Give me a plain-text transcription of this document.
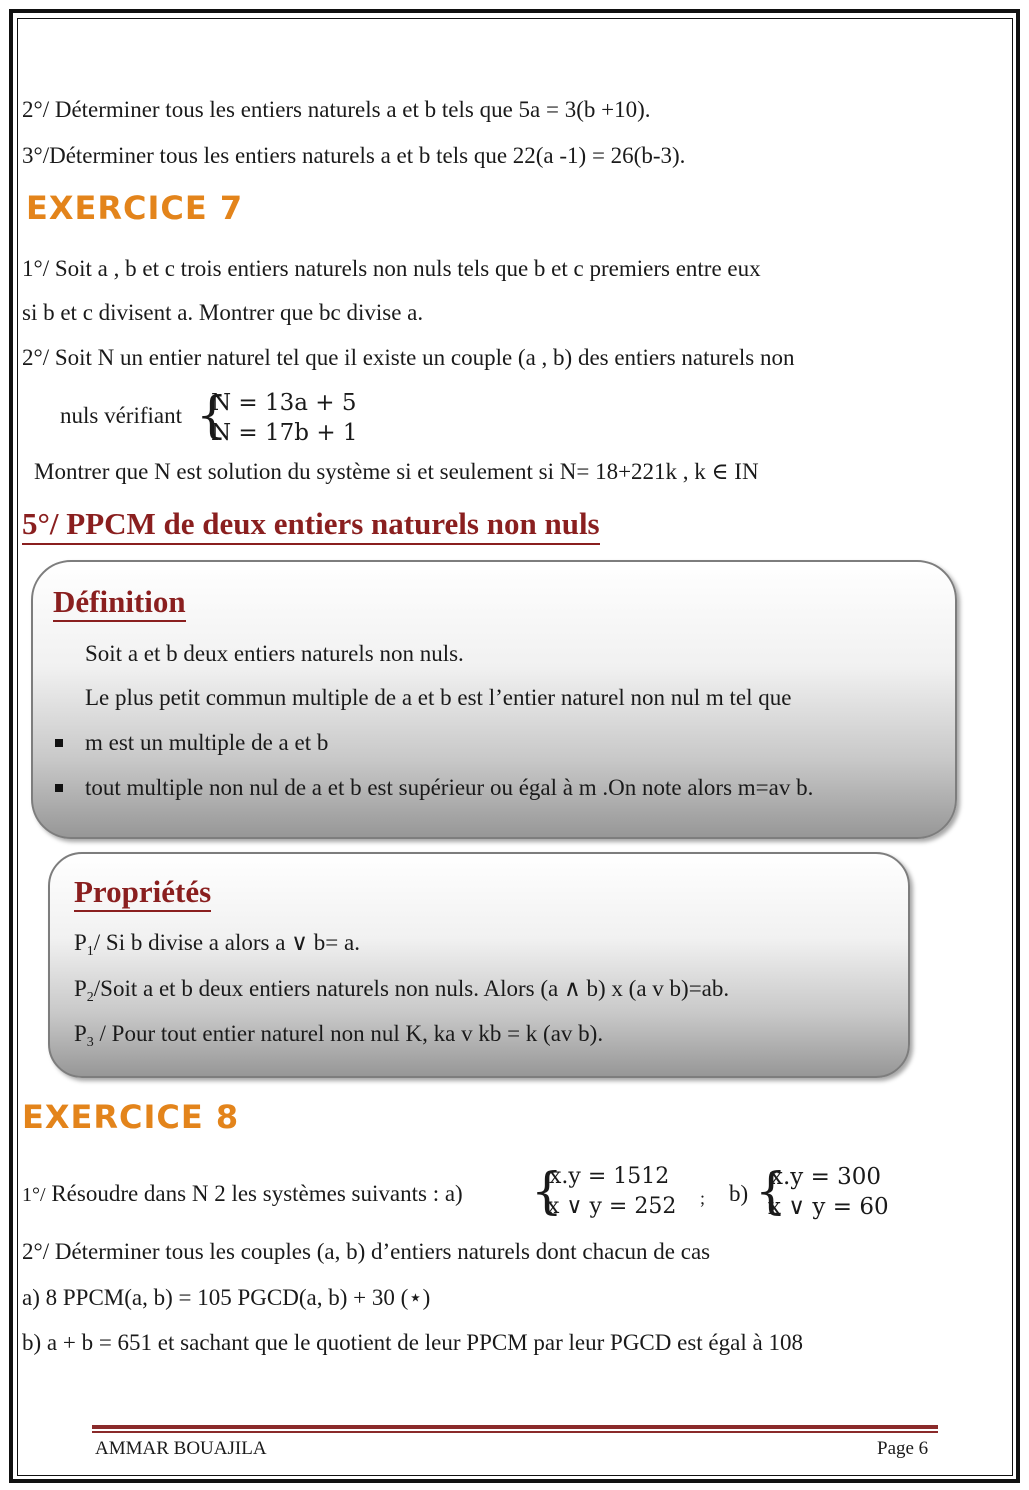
2°/ Déterminer tous les entiers naturels a et b tels que 5a = 3(b +10).
3°/Déterminer tous les entiers naturels a et b tels que 22(a -1) = 26(b-3).
EXERCICE 7
1°/ Soit a , b et c trois entiers naturels non nuls tels que b et c premiers entre eux
si b et c divisent a. Montrer que bc divise a.
2°/ Soit N un entier naturel tel que il existe un couple (a , b) des entiers naturels non
nuls vérifiant {
N = 13a + 5
N = 17b + 1
Montrer que N est solution du système si et seulement si N= 18+221k , k ∈ IN
5°/ PPCM de deux entiers naturels non nuls
Définition
Soit a et b deux entiers naturels non nuls.
Le plus petit commun multiple de a et b est l’entier naturel non nul m tel que
m est un multiple de a et b
tout multiple non nul de a et b est supérieur ou égal à m .On note alors m=av b.
Propriétés
$P_1/$ Si b divise a alors a ∨ b= a.
$P_2$/Soit a et b deux entiers naturels non nuls. Alors (a ∧ b) x (a v b)=ab.
$P_3$ / Pour tout entier naturel non nul K, ka v kb = k (av b).
EXERCICE 8
1°/ Résoudre dans N 2 les systèmes suivants : a) {
x.y = 1512
x ∨ y = 252 ; b) {
x.y = 300
x ∨ y = 60
2°/ Déterminer tous les couples (a, b) d’entiers naturels dont chacun de cas
a) 8 PPCM(a, b) = 105 PGCD(a, b) + 30 (⋆)
b) a + b = 651 et sachant que le quotient de leur PPCM par leur PGCD est égal à 108
AMMAR BOUAJILA	Page 6
